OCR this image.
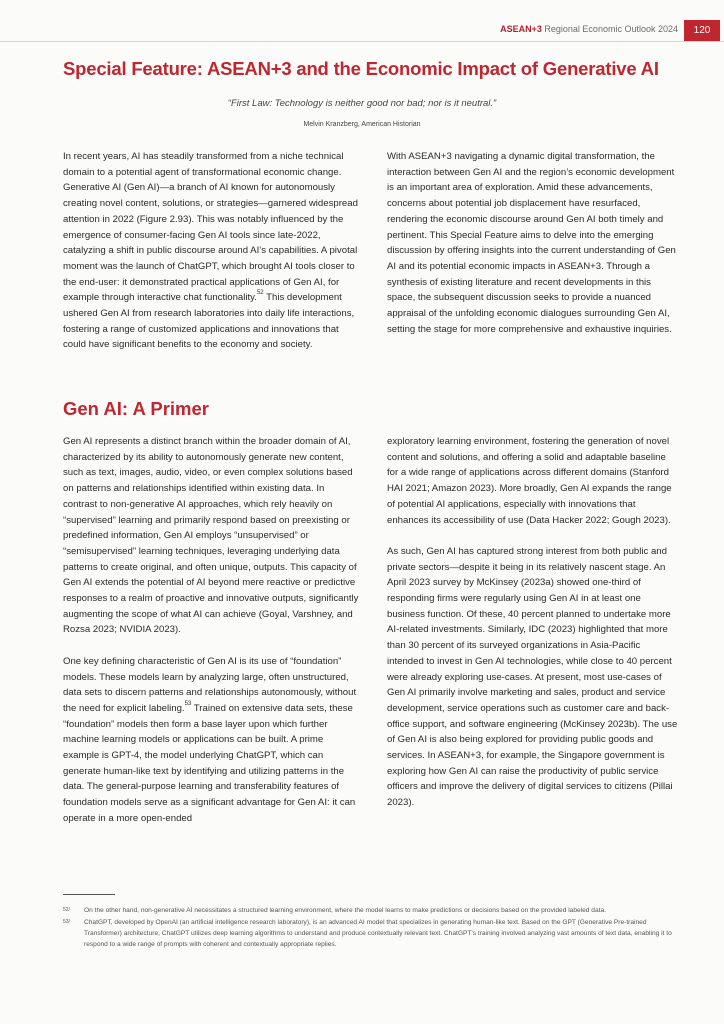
ASEAN+3 Regional Economic Outlook 2024	120
Special Feature: ASEAN+3 and the Economic Impact of Generative AI
“First Law: Technology is neither good nor bad; nor is it neutral.”
Melvin Kranzberg, American Historian

In recent years, AI has steadily transformed from a niche technical domain to a potential agent of transformational economic change. Generative AI (Gen AI)—a branch of AI known for autonomously creating novel content, solutions, or strategies—garnered widespread attention in 2022 (Figure 2.93). This was notably influenced by the emergence of consumer-facing Gen AI tools since late-2022, catalyzing a shift in public discourse around AI’s capabilities. A pivotal moment was the launch of ChatGPT, which brought AI tools closer to the end-user: it demonstrated practical applications of Gen AI, for example through interactive chat functionality.$^{52}$ This development ushered Gen AI from research laboratories into daily life interactions, fostering a range of customized applications and innovations that could have significant benefits to the economy and society.

With ASEAN+3 navigating a dynamic digital transformation, the interaction between Gen AI and the region’s economic development is an important area of exploration. Amid these advancements, concerns about potential job displacement have resurfaced, rendering the economic discourse around Gen AI both timely and pertinent. This Special Feature aims to delve into the emerging discussion by offering insights into the current understanding of Gen AI and its potential economic impacts in ASEAN+3. Through a synthesis of existing literature and recent developments in this space, the subsequent discussion seeks to provide a nuanced appraisal of the unfolding economic dialogues surrounding Gen AI, setting the stage for more comprehensive and exhaustive inquiries.

Gen AI: A Primer

Gen AI represents a distinct branch within the broader domain of AI, characterized by its ability to autonomously generate new content, such as text, images, audio, video, or even complex solutions based on patterns and relationships identified within existing data. In contrast to non-generative AI approaches, which rely heavily on “supervised” learning and primarily respond based on preexisting or predefined information, Gen AI employs “unsupervised” or “semisupervised” learning techniques, leveraging underlying data patterns to create original, and often unique, outputs. This capacity of Gen AI extends the potential of AI beyond mere reactive or predictive responses to a realm of proactive and innovative outputs, significantly augmenting the scope of what AI can achieve (Goyal, Varshney, and Rozsa 2023; NVIDIA 2023).

One key defining characteristic of Gen AI is its use of “foundation” models. These models learn by analyzing large, often unstructured, data sets to discern patterns and relationships autonomously, without the need for explicit labeling.$^{53}$ Trained on extensive data sets, these “foundation” models then form a base layer upon which further machine learning models or applications can be built. A prime example is GPT-4, the model underlying ChatGPT, which can generate human-like text by identifying and utilizing patterns in the data. The general-purpose learning and transferability features of foundation models serve as a significant advantage for Gen AI: it can operate in a more open-ended

exploratory learning environment, fostering the generation of novel content and solutions, and offering a solid and adaptable baseline for a wide range of applications across different domains (Stanford HAI 2021; Amazon 2023). More broadly, Gen AI expands the range of potential AI applications, especially with innovations that enhances its accessibility of use (Data Hacker 2022; Gough 2023).

As such, Gen AI has captured strong interest from both public and private sectors—despite it being in its relatively nascent stage. An April 2023 survey by McKinsey (2023a) showed one-third of responding firms were regularly using Gen AI in at least one business function. Of these, 40 percent planned to undertake more AI-related investments. Similarly, IDC (2023) highlighted that more than 30 percent of its surveyed organizations in Asia-Pacific intended to invest in Gen AI technologies, while close to 40 percent were already exploring use-cases. At present, most use-cases of Gen AI primarily involve marketing and sales, product and service development, service operations such as customer care and back-office support, and software engineering (McKinsey 2023b). The use of Gen AI is also being explored for providing public goods and services. In ASEAN+3, for example, the Singapore government is exploring how Gen AI can raise the productivity of public service officers and improve the delivery of digital services to citizens (Pillai 2023).

52/ On the other hand, non-generative AI necessitates a structured learning environment, where the model learns to make predictions or decisions based on the provided labeled data.
53/ ChatGPT, developed by OpenAI (an artificial intelligence research laboratory), is an advanced AI model that specializes in generating human-like text. Based on the GPT (Generative Pre-trained Transformer) architecture, ChatGPT utilizes deep learning algorithms to understand and produce contextually relevant text. ChatGPT’s training involved analyzing vast amounts of text data, enabling it to respond to a wide range of prompts with coherent and contextually appropriate replies.
